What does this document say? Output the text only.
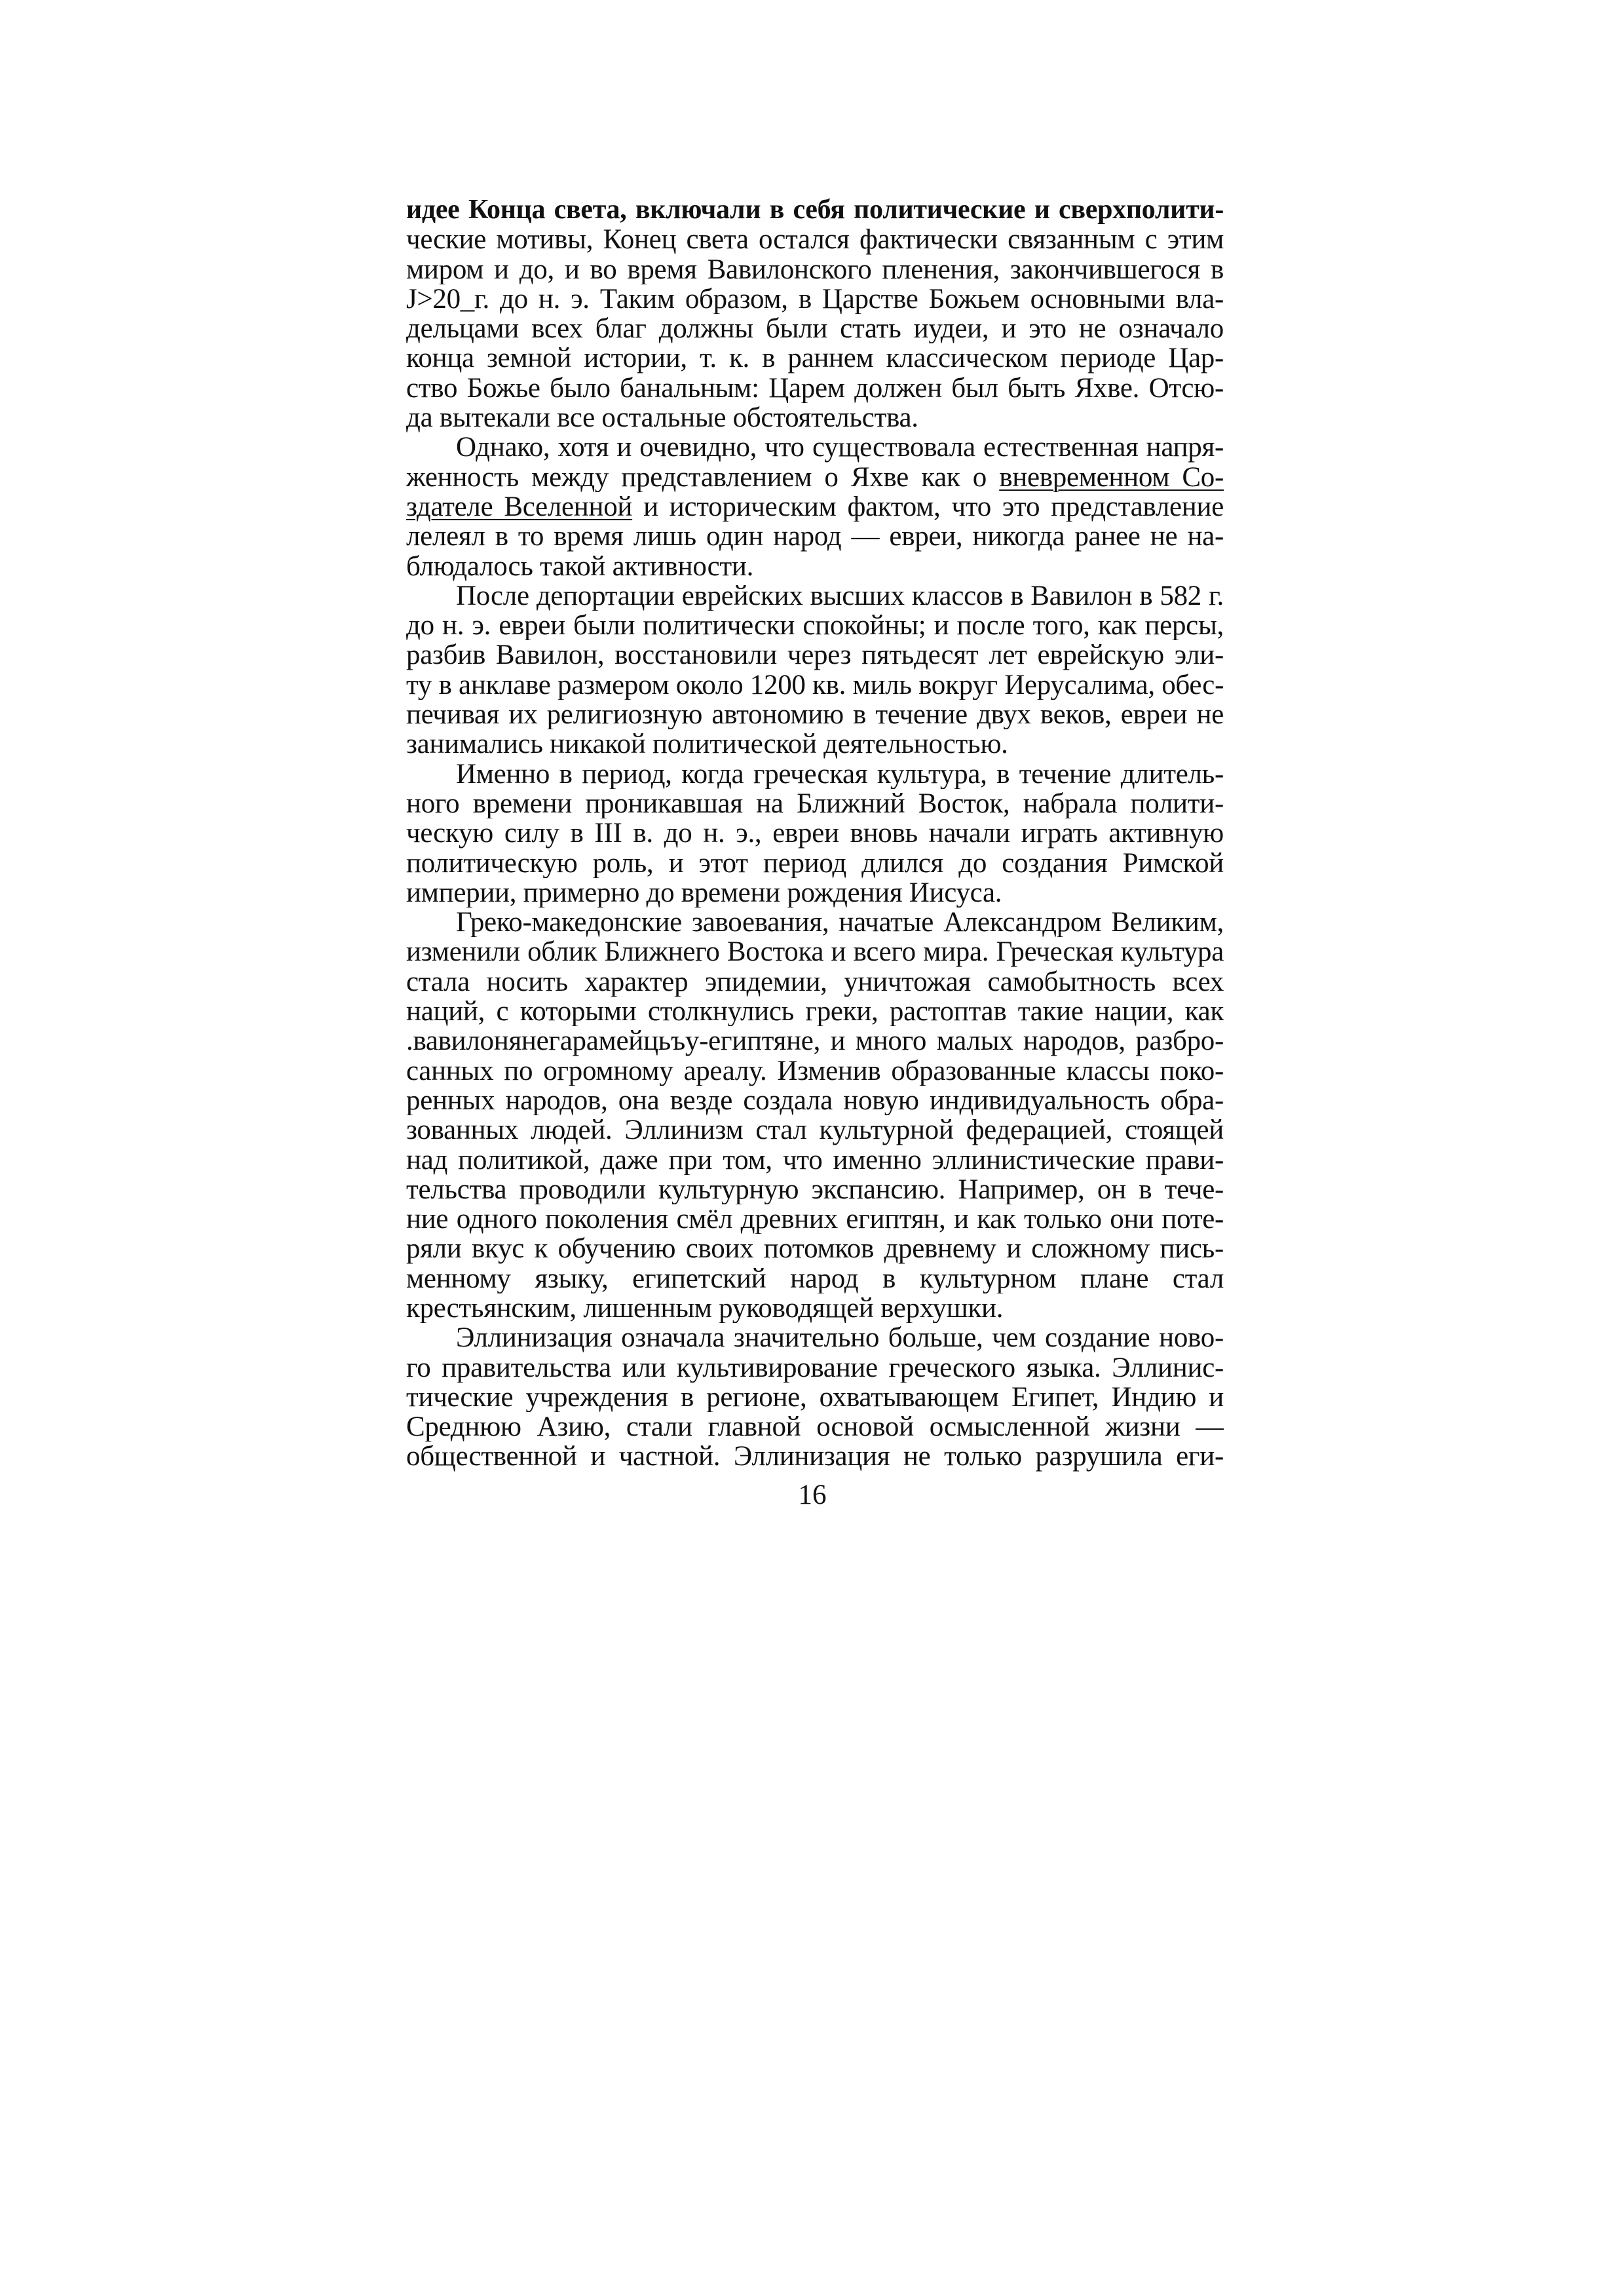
идее Конца света, включали в себя политические и сверхполити-
ческие мотивы, Конец света остался фактически связанным с этим
миром и до, и во время Вавилонского пленения, закончившегося в
J>20_г. до н. э. Таким образом, в Царстве Божьем основными вла-
дельцами всех благ должны были стать иудеи, и это не означало
конца земной истории, т. к. в раннем классическом периоде Цар-
ство Божье было банальным: Царем должен был быть Яхве. Отсю-
да вытекали все остальные обстоятельства.
Однако, хотя и очевидно, что существовала естественная напря-
женность между представлением о Яхве как о вневременном Со-
здателе Вселенной и историческим фактом, что это представление
лелеял в то время лишь один народ — евреи, никогда ранее не на-
блюдалось такой активности.
После депортации еврейских высших классов в Вавилон в 582 г.
до н. э. евреи были политически спокойны; и после того, как персы,
разбив Вавилон, восстановили через пятьдесят лет еврейскую эли-
ту в анклаве размером около 1200 кв. миль вокруг Иерусалима, обес-
печивая их религиозную автономию в течение двух веков, евреи не
занимались никакой политической деятельностью.
Именно в период, когда греческая культура, в течение длитель-
ного времени проникавшая на Ближний Восток, набрала полити-
ческую силу в III в. до н. э., евреи вновь начали играть активную
политическую роль, и этот период длился до создания Римской
империи, примерно до времени рождения Иисуса.
Греко-македонские завоевания, начатые Александром Великим,
изменили облик Ближнего Востока и всего мира. Греческая культура
стала носить характер эпидемии, уничтожая самобытность всех
наций, с которыми столкнулись греки, растоптав такие нации, как
.вавилонянегарамейцьъу-египтяне, и много малых народов, разбро-
санных по огромному ареалу. Изменив образованные классы поко-
ренных народов, она везде создала новую индивидуальность обра-
зованных людей. Эллинизм стал культурной федерацией, стоящей
над политикой, даже при том, что именно эллинистические прави-
тельства проводили культурную экспансию. Например, он в тече-
ние одного поколения смёл древних египтян, и как только они поте-
ряли вкус к обучению своих потомков древнему и сложному пись-
менному языку, египетский народ в культурном плане стал
крестьянским, лишенным руководящей верхушки.
Эллинизация означала значительно больше, чем создание ново-
го правительства или культивирование греческого языка. Эллинис-
тические учреждения в регионе, охватывающем Египет, Индию и
Среднюю Азию, стали главной основой осмысленной жизни —
общественной и частной. Эллинизация не только разрушила еги-
16
